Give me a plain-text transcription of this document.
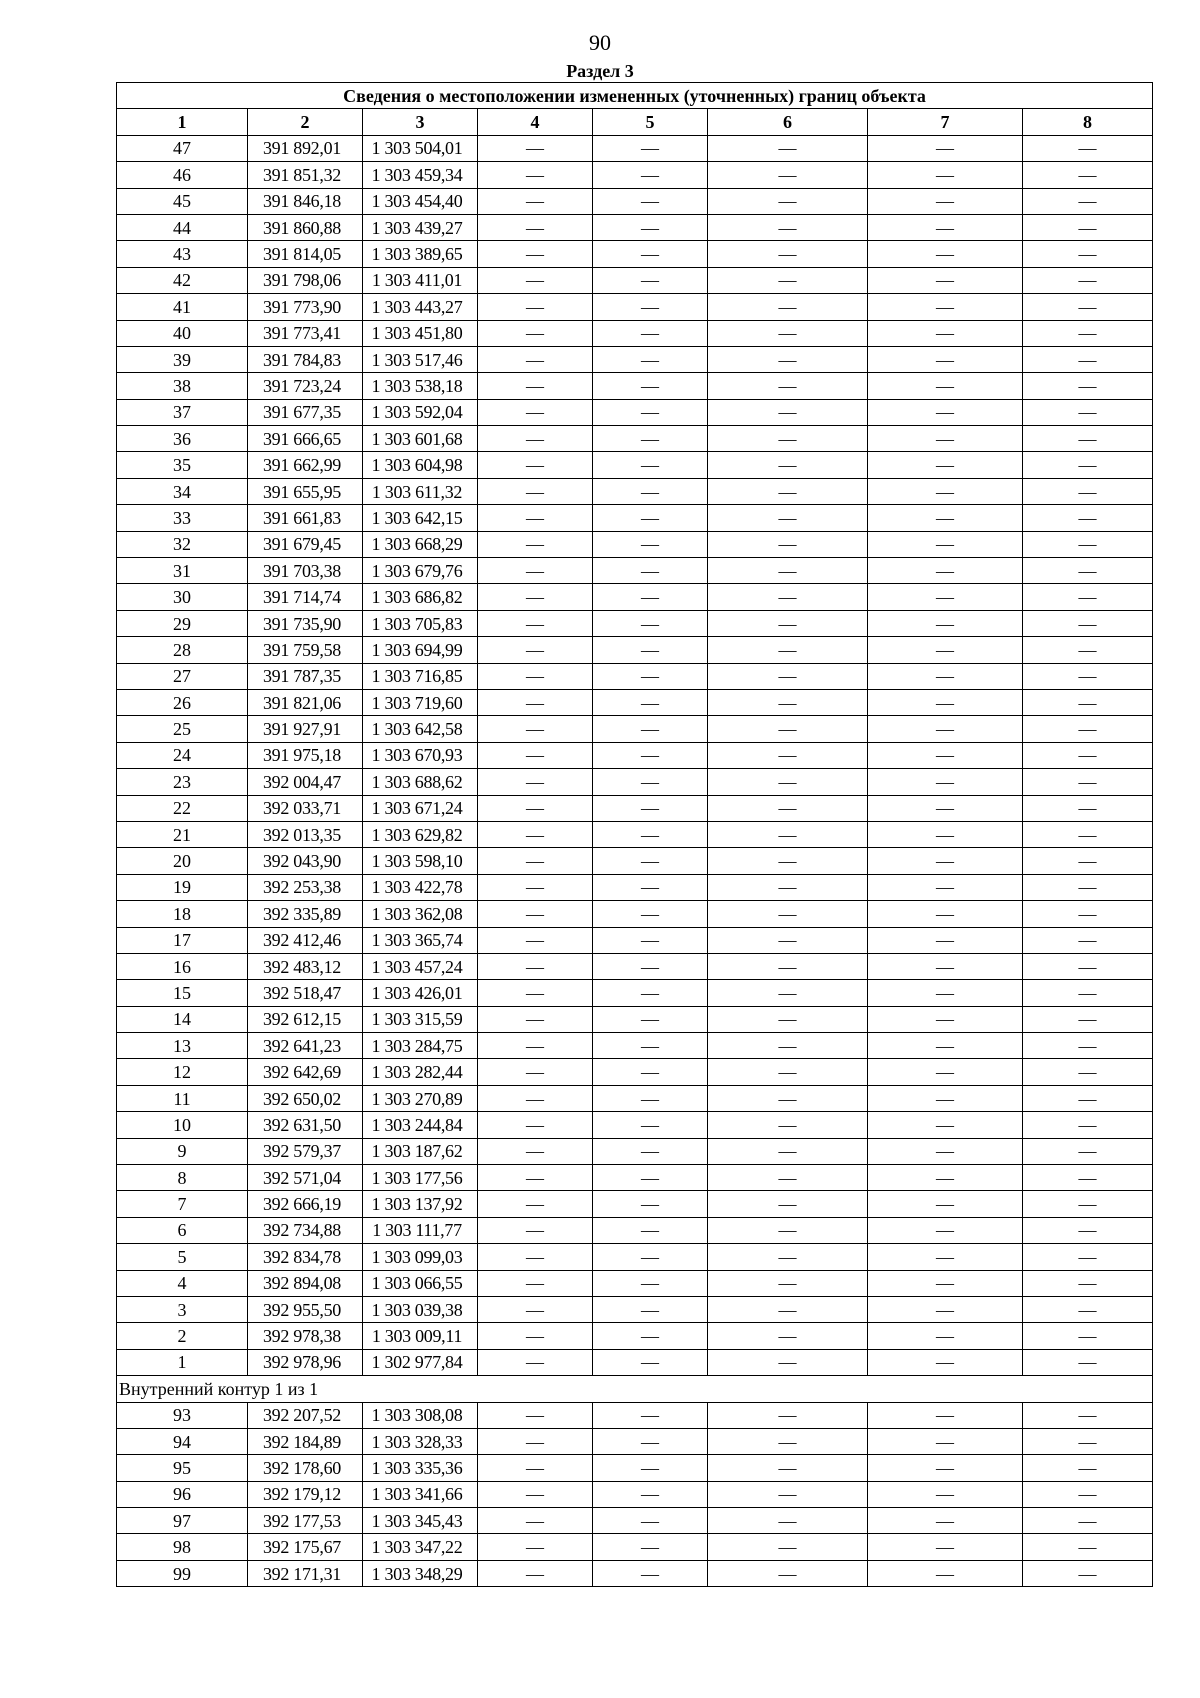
90
Раздел 3
Сведения о местоположении измененных (уточненных) границ объекта							
1	2	3	4	5	6	7	8
47	391 892,01	1 303 504,01	—	—	—	—	—
46	391 851,32	1 303 459,34	—	—	—	—	—
45	391 846,18	1 303 454,40	—	—	—	—	—
44	391 860,88	1 303 439,27	—	—	—	—	—
43	391 814,05	1 303 389,65	—	—	—	—	—
42	391 798,06	1 303 411,01	—	—	—	—	—
41	391 773,90	1 303 443,27	—	—	—	—	—
40	391 773,41	1 303 451,80	—	—	—	—	—
39	391 784,83	1 303 517,46	—	—	—	—	—
38	391 723,24	1 303 538,18	—	—	—	—	—
37	391 677,35	1 303 592,04	—	—	—	—	—
36	391 666,65	1 303 601,68	—	—	—	—	—
35	391 662,99	1 303 604,98	—	—	—	—	—
34	391 655,95	1 303 611,32	—	—	—	—	—
33	391 661,83	1 303 642,15	—	—	—	—	—
32	391 679,45	1 303 668,29	—	—	—	—	—
31	391 703,38	1 303 679,76	—	—	—	—	—
30	391 714,74	1 303 686,82	—	—	—	—	—
29	391 735,90	1 303 705,83	—	—	—	—	—
28	391 759,58	1 303 694,99	—	—	—	—	—
27	391 787,35	1 303 716,85	—	—	—	—	—
26	391 821,06	1 303 719,60	—	—	—	—	—
25	391 927,91	1 303 642,58	—	—	—	—	—
24	391 975,18	1 303 670,93	—	—	—	—	—
23	392 004,47	1 303 688,62	—	—	—	—	—
22	392 033,71	1 303 671,24	—	—	—	—	—
21	392 013,35	1 303 629,82	—	—	—	—	—
20	392 043,90	1 303 598,10	—	—	—	—	—
19	392 253,38	1 303 422,78	—	—	—	—	—
18	392 335,89	1 303 362,08	—	—	—	—	—
17	392 412,46	1 303 365,74	—	—	—	—	—
16	392 483,12	1 303 457,24	—	—	—	—	—
15	392 518,47	1 303 426,01	—	—	—	—	—
14	392 612,15	1 303 315,59	—	—	—	—	—
13	392 641,23	1 303 284,75	—	—	—	—	—
12	392 642,69	1 303 282,44	—	—	—	—	—
11	392 650,02	1 303 270,89	—	—	—	—	—
10	392 631,50	1 303 244,84	—	—	—	—	—
9	392 579,37	1 303 187,62	—	—	—	—	—
8	392 571,04	1 303 177,56	—	—	—	—	—
7	392 666,19	1 303 137,92	—	—	—	—	—
6	392 734,88	1 303 111,77	—	—	—	—	—
5	392 834,78	1 303 099,03	—	—	—	—	—
4	392 894,08	1 303 066,55	—	—	—	—	—
3	392 955,50	1 303 039,38	—	—	—	—	—
2	392 978,38	1 303 009,11	—	—	—	—	—
1	392 978,96	1 302 977,84	—	—	—	—	—
Внутренний контур 1 из 1							
93	392 207,52	1 303 308,08	—	—	—	—	—
94	392 184,89	1 303 328,33	—	—	—	—	—
95	392 178,60	1 303 335,36	—	—	—	—	—
96	392 179,12	1 303 341,66	—	—	—	—	—
97	392 177,53	1 303 345,43	—	—	—	—	—
98	392 175,67	1 303 347,22	—	—	—	—	—
99	392 171,31	1 303 348,29	—	—	—	—	—
